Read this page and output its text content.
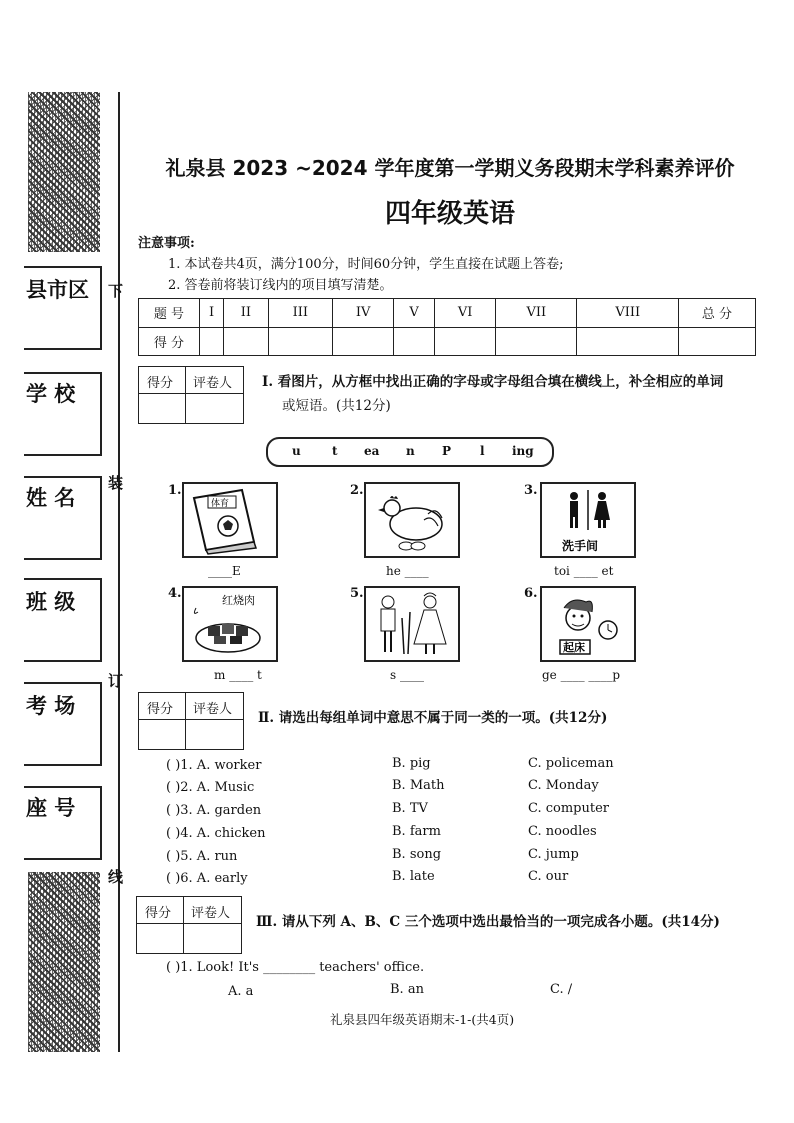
县市区
学 校
姓 名
班 级
考 场
座 号
下
装
订
线
礼泉县 2023 ~2024 学年度第一学期义务段期末学科素养评价
四年级英语
注意事项:
1. 本试卷共4页，满分100分，时间60分钟，学生直接在试题上答卷;
2. 答卷前将装订线内的项目填写清楚。
题 号	I	II	III	IV	V	VI	VII	VIII	总 分
得 分									
得分 评卷人 Ⅰ. 看图片，从方框中找出正确的字母或字母组合填在横线上，补全相应的单词
或短语。(共12分)
u	t ea n P l ing
1.
体育
____E
2.
he ____
3.
洗手间
toi ____ et
4.	红烧肉
m ____ t
5.
s ____
6.
起床
ge ____ ____p
得分 评卷人
Ⅱ. 请选出每组单词中意思不属于同一类的一项。(共12分)
( )1. A. worker	B. pig	C. policeman
( )2. A. Music	B. Math	C. Monday
( )3. A. garden	B. TV	C. computer
( )4. A. chicken	B. farm	C. noodles
( )5. A. run	B. song	C. jump
( )6. A. early	B. late	C. our
得分 评卷人
Ⅲ. 请从下列 A、B、C 三个选项中选出最恰当的一项完成各小题。(共14分)
( )1. Look! It's ________ teachers' office.
A. a	B. an	C. /
礼泉县四年级英语期末-1-(共4页)
